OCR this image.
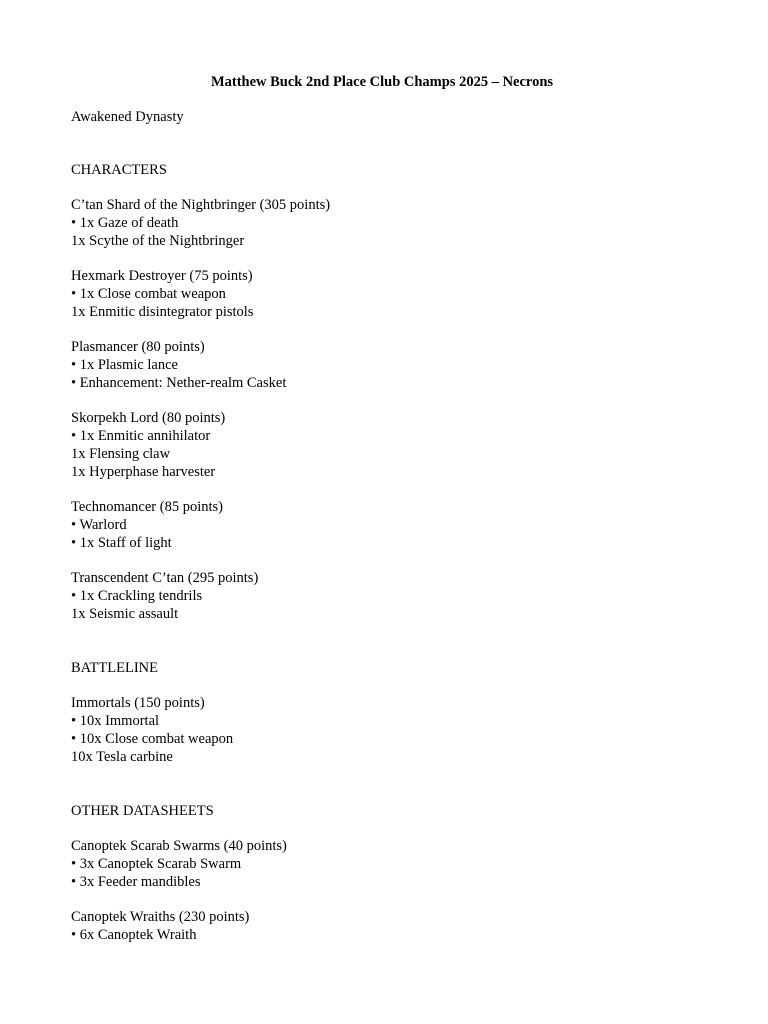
Matthew Buck 2nd Place Club Champs 2025 – Necrons
Awakened Dynasty
CHARACTERS
C’tan Shard of the Nightbringer (305 points)
• 1x Gaze of death
1x Scythe of the Nightbringer
Hexmark Destroyer (75 points)
• 1x Close combat weapon
1x Enmitic disintegrator pistols
Plasmancer (80 points)
• 1x Plasmic lance
• Enhancement: Nether-realm Casket
Skorpekh Lord (80 points)
• 1x Enmitic annihilator
1x Flensing claw
1x Hyperphase harvester
Technomancer (85 points)
• Warlord
• 1x Staff of light
Transcendent C’tan (295 points)
• 1x Crackling tendrils
1x Seismic assault
BATTLELINE
Immortals (150 points)
• 10x Immortal
• 10x Close combat weapon
10x Tesla carbine
OTHER DATASHEETS
Canoptek Scarab Swarms (40 points)
• 3x Canoptek Scarab Swarm
• 3x Feeder mandibles
Canoptek Wraiths (230 points)
• 6x Canoptek Wraith
